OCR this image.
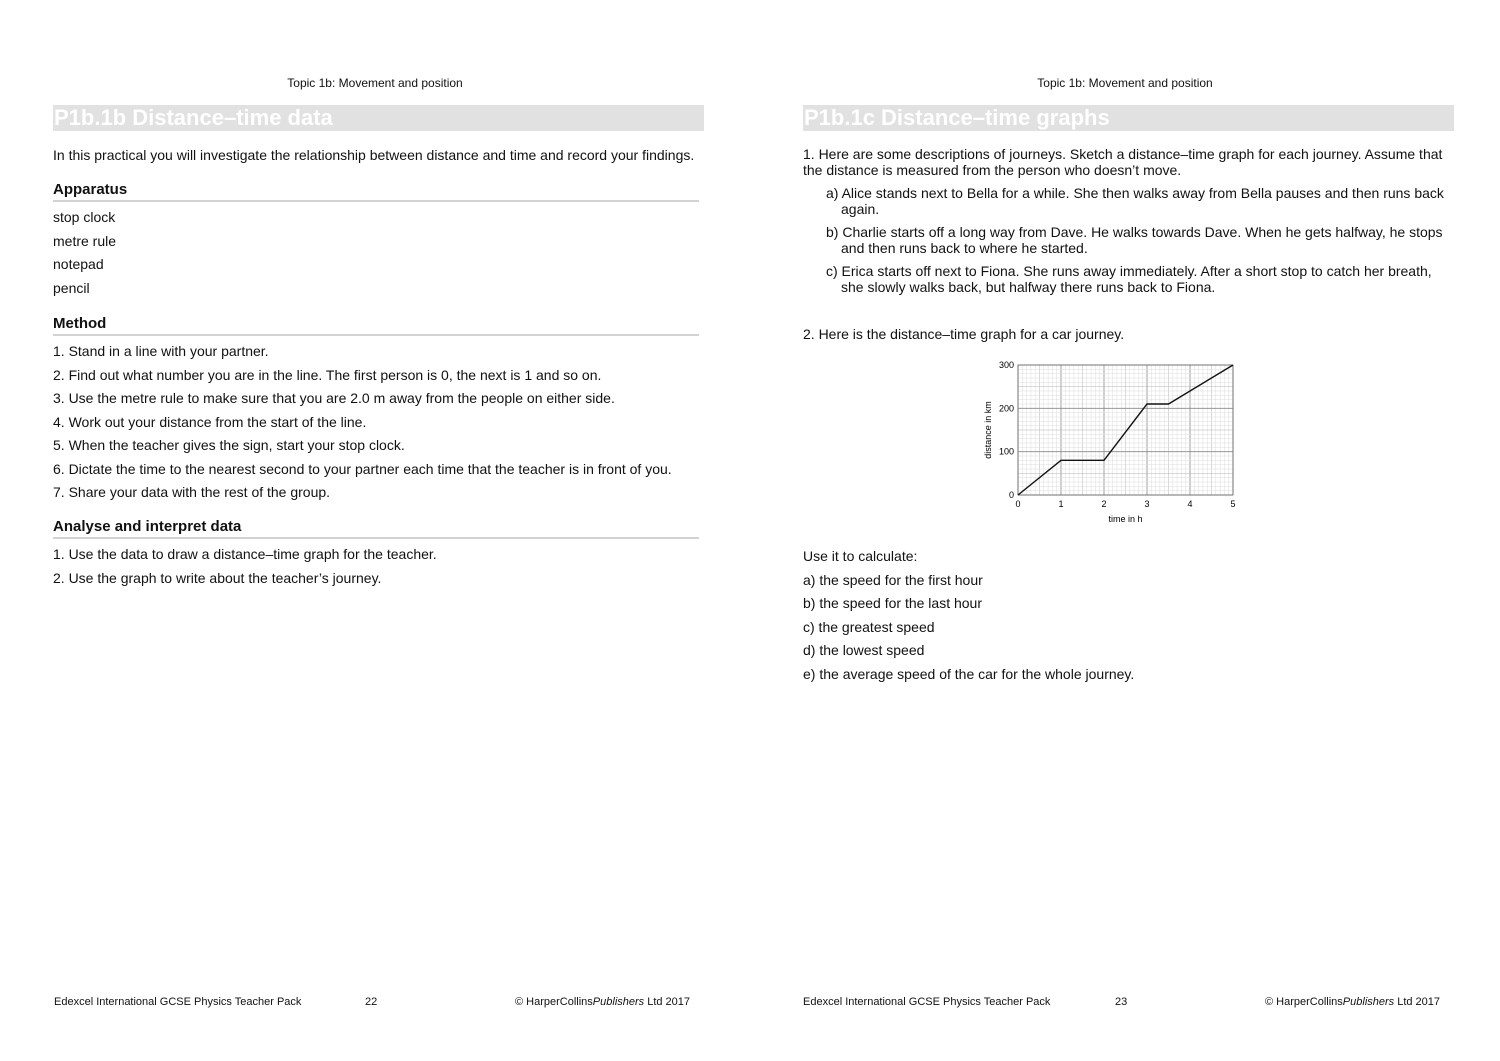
Topic 1b: Movement and position
P1b.1b Distance–time data

In this practical you will investigate the relationship between distance and time and record your findings.

Apparatus

stop clock

metre rule

notepad

pencil

Method

1. Stand in a line with your partner.

2. Find out what number you are in the line. The first person is 0, the next is 1 and so on.

3. Use the metre rule to make sure that you are 2.0 m away from the people on either side.

4. Work out your distance from the start of the line.

5. When the teacher gives the sign, start your stop clock.

6. Dictate the time to the nearest second to your partner each time that the teacher is in front of you.

7. Share your data with the rest of the group.

Analyse and interpret data

1. Use the data to draw a distance–time graph for the teacher.

2. Use the graph to write about the teacher’s journey.

Edexcel International GCSE Physics Teacher Pack	22	© HarperCollinsPublishers Ltd 2017
Topic 1b: Movement and position
P1b.1c Distance–time graphs

1. Here are some descriptions of journeys. Sketch a distance–time graph for each journey. Assume that the distance is measured from the person who doesn’t move.

a) Alice stands next to Bella for a while. She then walks away from Bella pauses and then runs back again.

b) Charlie starts off a long way from Dave. He walks towards Dave. When he gets halfway, he stops and then runs back to where he started.

c) Erica starts off next to Fiona. She runs away immediately. After a short stop to catch her breath, she slowly walks back, but halfway there runs back to Fiona.

2. Here is the distance–time graph for a car journey.

0	1	2	3	4	5
0
100
200
300
time in h
distance in km

Use it to calculate:

a) the speed for the first hour

b) the speed for the last hour

c) the greatest speed

d) the lowest speed

e) the average speed of the car for the whole journey.

Edexcel International GCSE Physics Teacher Pack	23	© HarperCollinsPublishers Ltd 2017
